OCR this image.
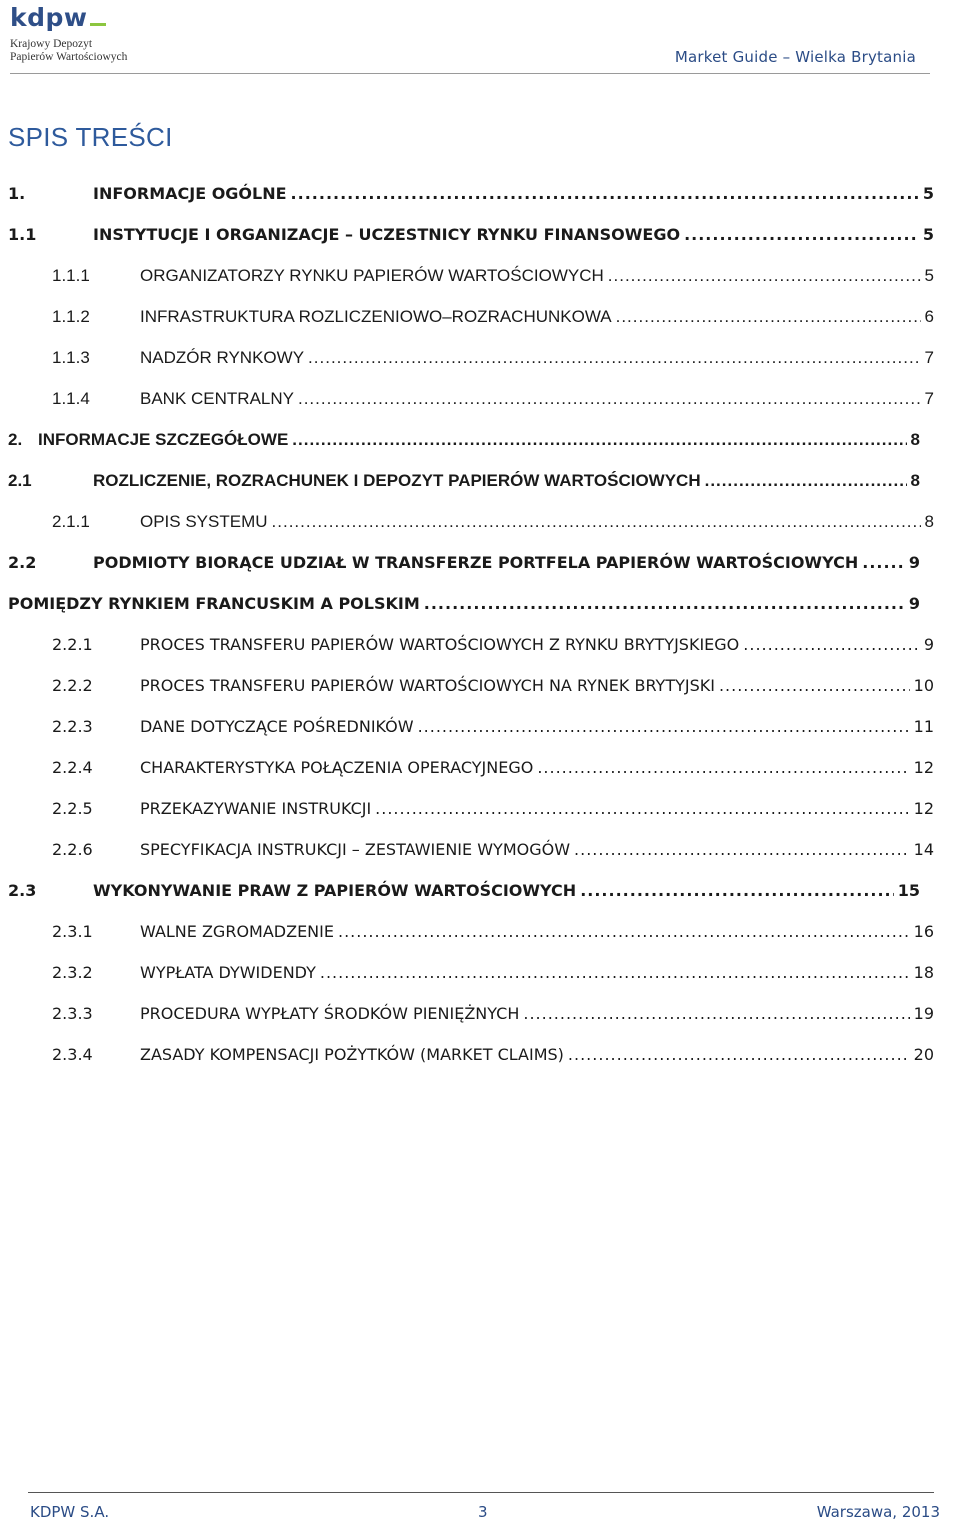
kdpw
Krajowy Depozyt
Papierów Wartościowych	Market Guide – Wielka Brytania
SPIS TREŚCI
1.	INFORMACJE OGÓLNE .....	5
1.1	INSTYTUCJE I ORGANIZACJE – UCZESTNICY RYNKU FINANSOWEGO .....	5
1.1.1	ORGANIZATORZY RYNKU PAPIERÓW WARTOŚCIOWYCH .....	5
1.1.2	INFRASTRUKTURA ROZLICZENIOWO–ROZRACHUNKOWA .....	6
1.1.3	NADZÓR RYNKOWY .....	7
1.1.4	BANK CENTRALNY .....	7
2. INFORMACJE SZCZEGÓŁOWE .....	8
2.1	ROZLICZENIE, ROZRACHUNEK I DEPOZYT PAPIERÓW WARTOŚCIOWYCH .....	8
2.1.1	OPIS SYSTEMU .....	8
2.2	PODMIOTY BIORĄCE UDZIAŁ W TRANSFERZE PORTFELA PAPIERÓW WARTOŚCIOWYCH .....	9
POMIĘDZY RYNKIEM FRANCUSKIM A POLSKIM .....	9
2.2.1	PROCES TRANSFERU PAPIERÓW WARTOŚCIOWYCH Z RYNKU BRYTYJSKIEGO .....	9
2.2.2	PROCES TRANSFERU PAPIERÓW WARTOŚCIOWYCH NA RYNEK BRYTYJSKI .....	10
2.2.3	DANE DOTYCZĄCE POŚREDNIKÓW .....	11
2.2.4	CHARAKTERYSTYKA POŁĄCZENIA OPERACYJNEGO .....	12
2.2.5	PRZEKAZYWANIE INSTRUKCJI .....	12
2.2.6	SPECYFIKACJA INSTRUKCJI – ZESTAWIENIE WYMOGÓW .....	14
2.3	WYKONYWANIE PRAW Z PAPIERÓW WARTOŚCIOWYCH .....	15
2.3.1	WALNE ZGROMADZENIE .....	16
2.3.2	WYPŁATA DYWIDENDY .....	18
2.3.3	PROCEDURA WYPŁATY ŚRODKÓW PIENIĘŻNYCH .....	19
2.3.4	ZASADY KOMPENSACJI POŻYTKÓW (MARKET CLAIMS) .....	20
KDPW S.A.	3	Warszawa, 2013
